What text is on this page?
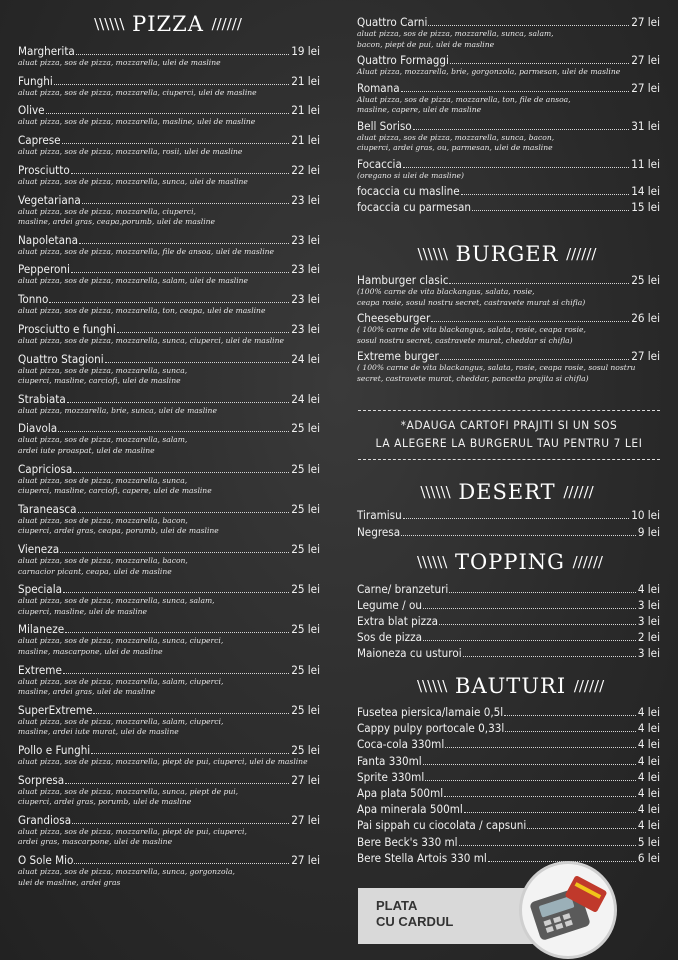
\\\\\\ PIZZA //////
Margherita	19 lei
aluat pizza, sos de pizza, mozzarella, ulei de masline
Funghi	21 lei
aluat pizza, sos de pizza, mozzarella, ciuperci, ulei de masline
Olive	21 lei
aluat pizza, sos de pizza, mozzarella, masline, ulei de masline
Caprese	21 lei
aluat pizza, sos de pizza, mozzarella, rosii, ulei de masline
Prosciutto	22 lei
aluat pizza, sos de pizza, mozzarella, sunca, ulei de masline
Vegetariana	23 lei
aluat pizza, sos de pizza, mozzarella, ciuperci,
masline, ardei gras, ceapa,porumb, ulei de masline
Napoletana	23 lei
aluat pizza, sos de pizza, mozzarella, file de ansoa, ulei de masline
Pepperoni	23 lei
aluat pizza, sos de pizza, mozzarella, salam, ulei de masline
Tonno	23 lei
aluat pizza, sos de pizza, mozzarella, ton, ceapa, ulei de masline
Prosciutto e funghi	23 lei
aluat pizza, sos de pizza, mozzarella, sunca, ciuperci, ulei de masline
Quattro Stagioni	24 lei
aluat pizza, sos de pizza, mozzarella, sunca,
ciuperci, masline, carciofi, ulei de masline
Strabiata	24 lei
aluat pizza, mozzarella, brie, sunca, ulei de masline
Diavola	25 lei
aluat pizza, sos de pizza, mozzarella, salam,
ardei iute proaspat, ulei de masline
Capriciosa	25 lei
aluat pizza, sos de pizza, mozzarella, sunca,
ciuperci, masline, carciofi, capere, ulei de masline
Taraneasca	25 lei
aluat pizza, sos de pizza, mozzarella, bacon,
ciuperci, ardei gras, ceapa, porumb, ulei de masline
Vieneza	25 lei
aluat pizza, sos de pizza, mozzarella, bacon,
carnacior picant, ceapa, ulei de masline
Speciala	25 lei
aluat pizza, sos de pizza, mozzarella, sunca, salam,
ciuperci, masline, ulei de masline
Milaneze	25 lei
aluat pizza, sos de pizza, mozzarella, sunca, ciuperci,
masline, mascarpone, ulei de masline
Extreme	25 lei
aluat pizza, sos de pizza, mozzarella, salam, ciuperci,
masline, ardei gras, ulei de masline
SuperExtreme	25 lei
aluat pizza, sos de pizza, mozzarella, salam, ciuperci,
masline, ardei iute murat, ulei de masline
Pollo e Funghi	25 lei
aluat pizza, sos de pizza, mozzarella, piept de pui, ciuperci, ulei de masline
Sorpresa	27 lei
aluat pizza, sos de pizza, mozzarella, sunca, piept de pui,
ciuperci, ardei gras, porumb, ulei de masline
Grandiosa	27 lei
aluat pizza, sos de pizza, mozzarella, piept de pui, ciuperci,
ardei gras, mascarpone, ulei de masline
O Sole Mio	27 lei
aluat pizza, sos de pizza, mozzarella, sunca, gorgonzola,
ulei de masline, ardei gras
Quattro Carni	27 lei
aluat pizza, sos de pizza, mozzarella, sunca, salam,
bacon, piept de pui, ulei de masline
Quattro Formaggi	27 lei
Aluat pizza, mozzarella, brie, gorgonzola, parmesan, ulei de masline
Romana	27 lei
Aluat pizza, sos de pizza, mozzarella, ton, file de ansoa,
masline, capere, ulei de masline
Bell Soriso	31 lei
aluat pizza, sos de pizza, mozzarella, sunca, bacon,
ciuperci, ardei gras, ou, parmesan, ulei de masline
Focaccia	11 lei
(oregano si ulei de masline)
focaccia cu masline	14 lei
focaccia cu parmesan	15 lei
\\\\\\ BURGER //////
Hamburger clasic	25 lei
(100% carne de vita blackangus, salata, rosie,
ceapa rosie, sosul nostru secret, castravete murat si chifla)
Cheeseburger	26 lei
( 100% carne de vita blackangus, salata, rosie, ceapa rosie,
sosul nostru secret, castravete murat, cheddar si chifla)
Extreme burger	27 lei
( 100% carne de vita blackangus, salata, rosie, ceapa rosie, sosul nostru
secret, castravete murat, cheddar, pancetta prajita si chifla)
\\\\\\ DESERT //////
Tiramisu	10 lei
Negresa	9 lei
\\\\\\ TOPPING //////
Carne/ branzeturi	4 lei
Legume / ou	3 lei
Extra blat pizza	3 lei
Sos de pizza	2 lei
Maioneza cu usturoi	3 lei
\\\\\\ BAUTURI //////
Fusetea piersica/lamaie 0,5l	4 lei
Cappy pulpy portocale 0,33l	4 lei
Coca-cola 330ml	4 lei
Fanta 330ml	4 lei
Sprite 330ml	4 lei
Apa plata 500ml	4 lei
Apa minerala 500ml	4 lei
Pai sippah cu ciocolata / capsuni	4 lei
Bere Beck's 330 ml	5 lei
Bere Stella Artois 330 ml	6 lei
*ADAUGA CARTOFI PRAJITI SI UN SOS
LA ALEGERE LA BURGERUL TAU PENTRU 7 LEI
PLATA
CU CARDUL
